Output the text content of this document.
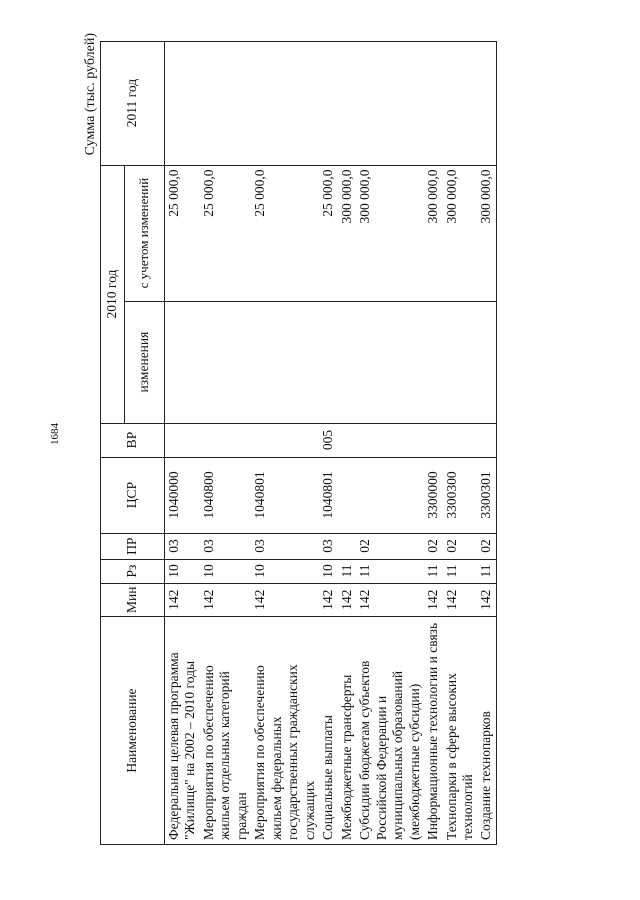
1684
Сумма (тыс. рублей)
Наименование	Мин	Рз	ПР	ЦСР	ВР	2010 год		2011 год
						изменения	с учетом изменений	
Федеральная целевая программа "Жилище" на 2002 – 2010 годы	142	10	03	1040000			25 000,0	
Мероприятия по обеспечению жильем отдельных категорий граждан	142	10	03	1040800			25 000,0	
Мероприятия по обеспечению жильем федеральных государственных гражданских служащих	142	10	03	1040801			25 000,0	
Социальные выплаты	142	10	03	1040801	005		25 000,0	
Межбюджетные трансферты	142	11					300 000,0	
Субсидии бюджетам субъектов Российской Федерации и муниципальных образований (межбюджетные субсидии)	142	11	02				300 000,0	
Информационные технологии и связь	142	11	02	3300000			300 000,0	
Технопарки в сфере высоких технологий	142	11	02	3300300			300 000,0	
Создание технопарков	142	11	02	3300301			300 000,0	
